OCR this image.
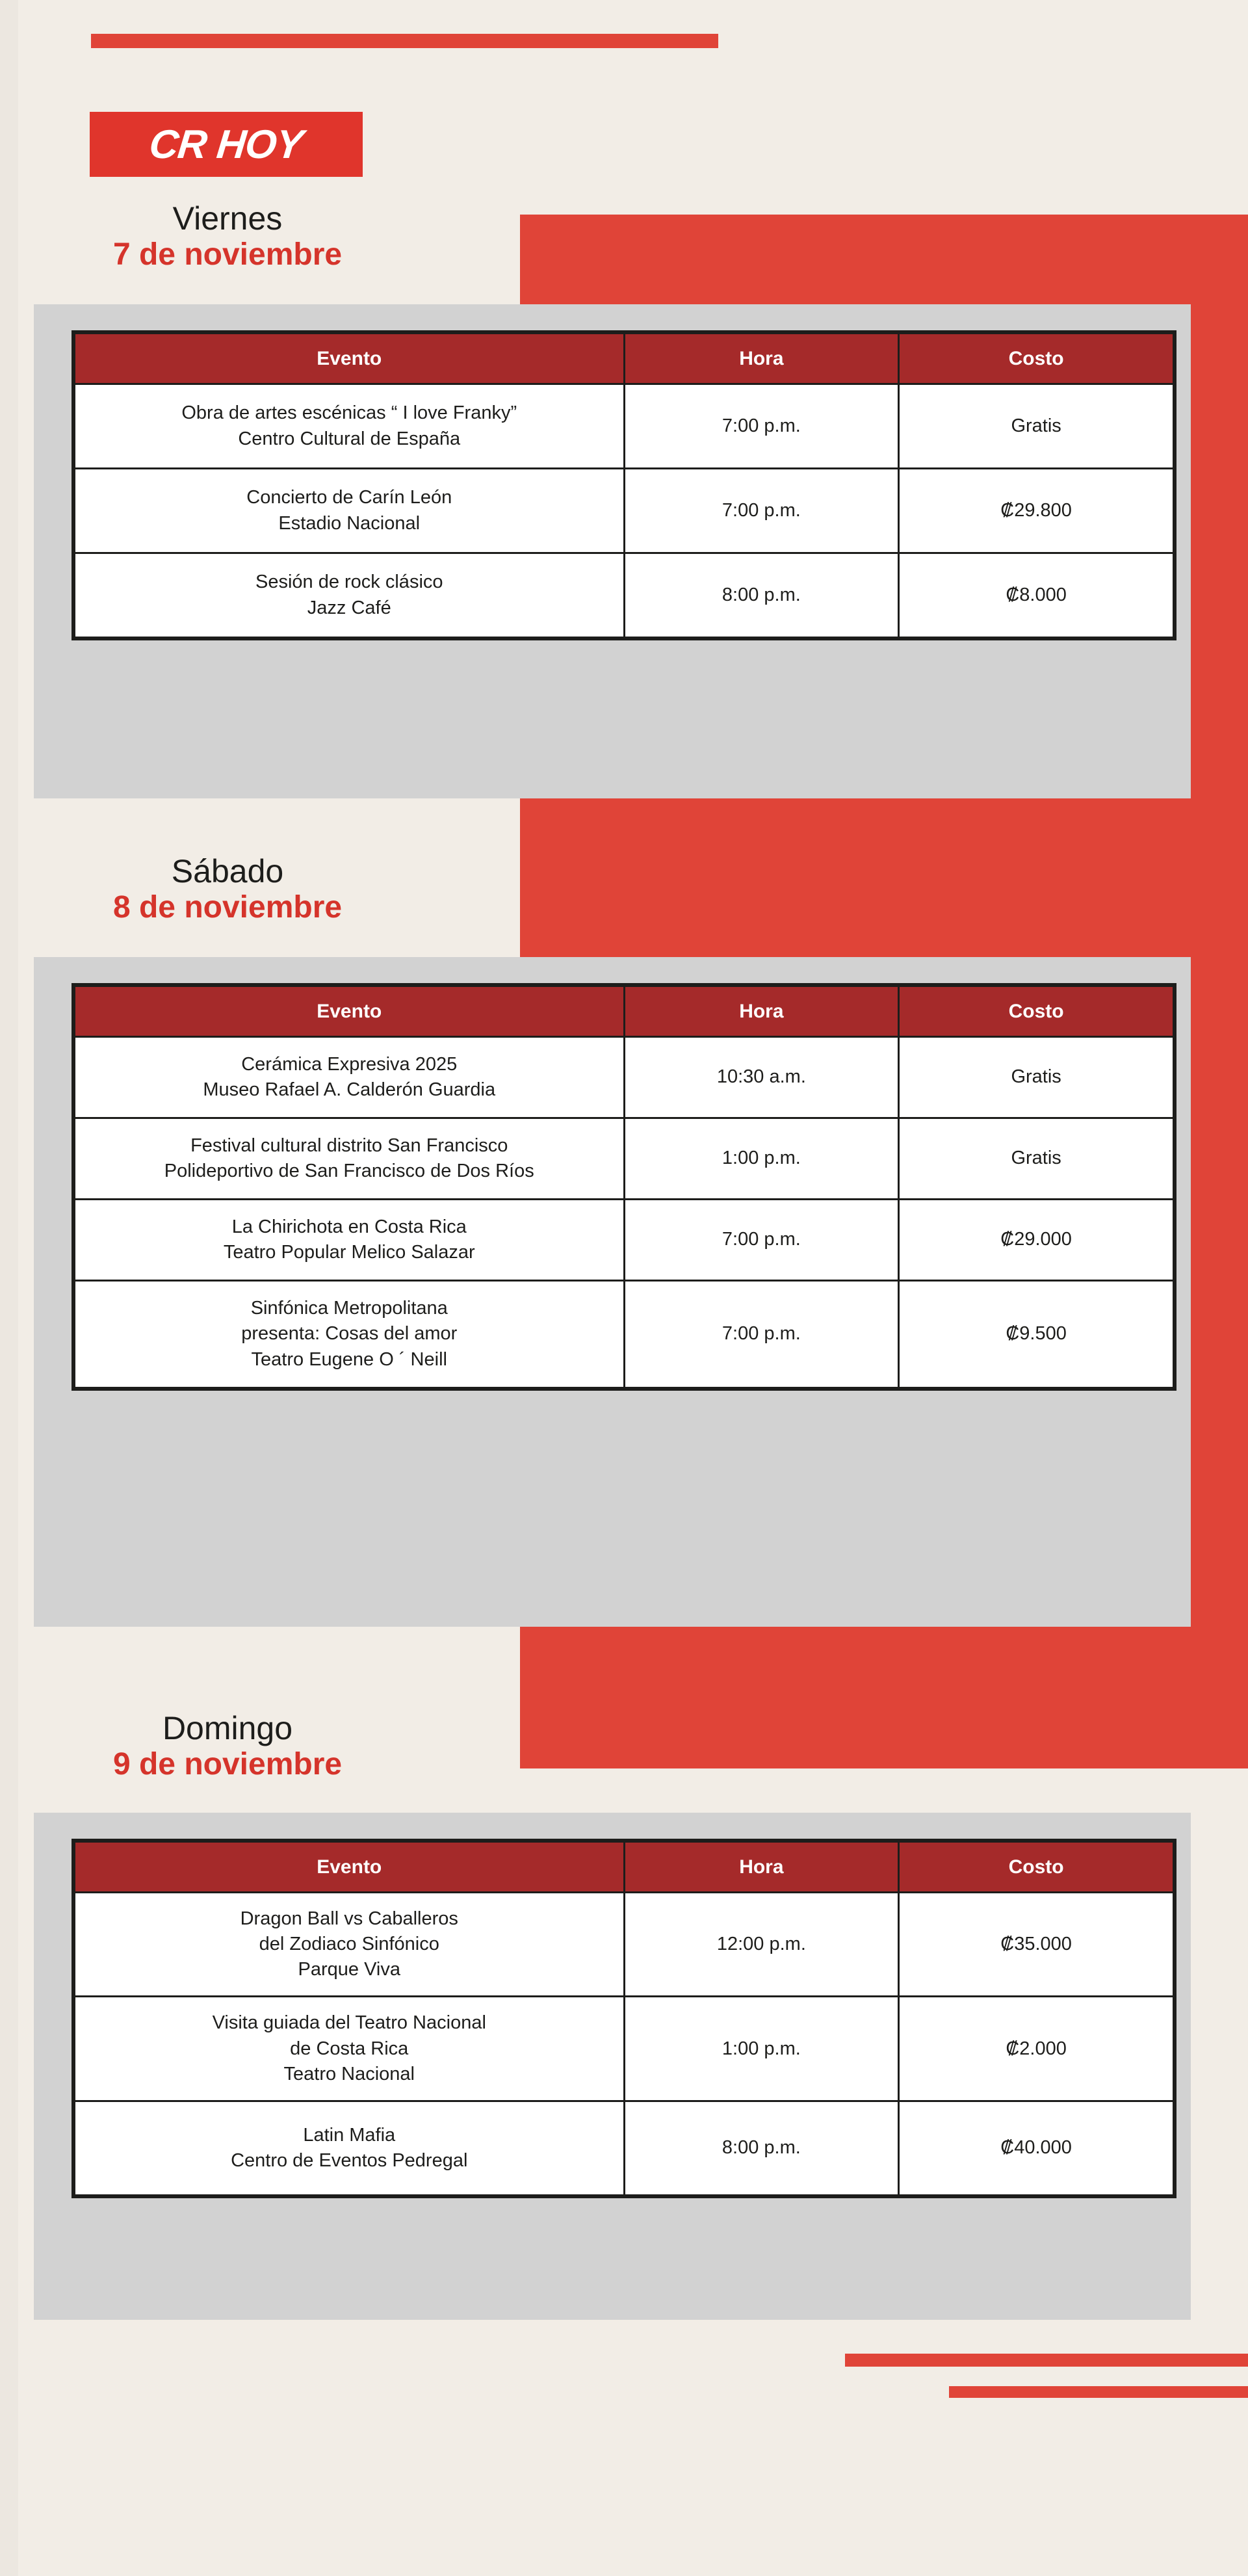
CR HOY
Viernes
7 de noviembre
Evento	Hora	Costo
Obra de artes escénicas “ I love Franky”
Centro Cultural de España	7:00 p.m.	Gratis
Concierto de Carín León
Estadio Nacional	7:00 p.m.	₡29.800
Sesión de rock clásico
Jazz Café	8:00 p.m.	₡8.000
Sábado
8 de noviembre
Evento	Hora	Costo
Cerámica Expresiva 2025
Museo Rafael A. Calderón Guardia	10:30 a.m.	Gratis
Festival cultural distrito San Francisco
Polideportivo de San Francisco de Dos Ríos	1:00 p.m.	Gratis
La Chirichota en Costa Rica
Teatro Popular Melico Salazar	7:00 p.m.	₡29.000
Sinfónica Metropolitana
presenta: Cosas del amor
Teatro Eugene O ´ Neill	7:00 p.m.	₡9.500
Domingo
9 de noviembre
Evento	Hora	Costo
Dragon Ball vs Caballeros
del Zodiaco Sinfónico
Parque Viva	12:00 p.m.	₡35.000
Visita guiada del Teatro Nacional
de Costa Rica
Teatro Nacional	1:00 p.m.	₡2.000
Latin Mafia
Centro de Eventos Pedregal	8:00 p.m.	₡40.000
